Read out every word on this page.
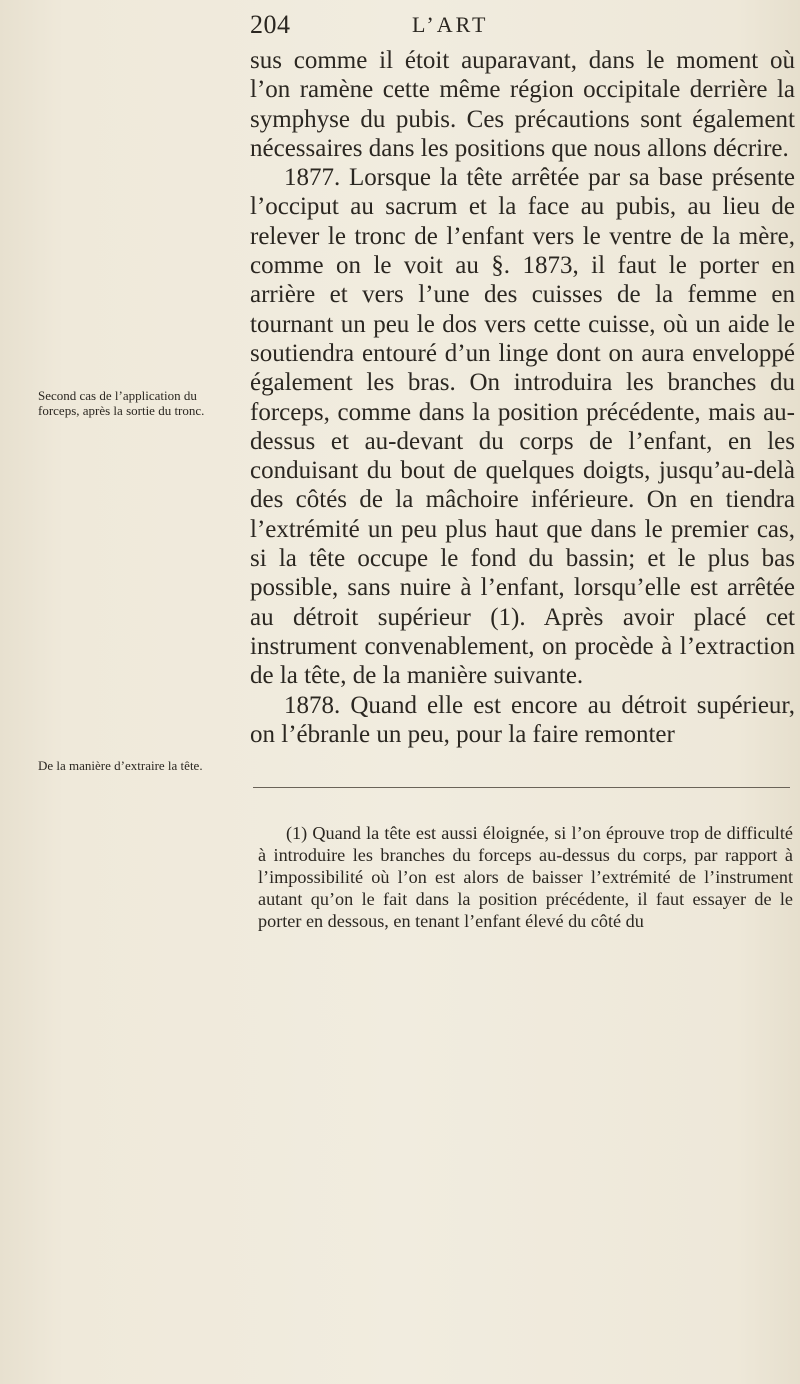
204	L’ART
Second cas de l’application du forceps, après la sortie du tronc.
De la manière d’extraire la tête.

sus comme il étoit auparavant, dans le moment où l’on ramène cette même région occipitale derrière la symphyse du pubis. Ces précautions sont également nécessaires dans les positions que nous allons décrire.

1877. Lorsque la tête arrêtée par sa base présente l’occiput au sacrum et la face au pubis, au lieu de relever le tronc de l’enfant vers le ventre de la mère, comme on le voit au §. 1873, il faut le porter en arrière et vers l’une des cuisses de la femme en tournant un peu le dos vers cette cuisse, où un aide le soutiendra entouré d’un linge dont on aura enveloppé également les bras. On introduira les branches du forceps, comme dans la position précédente, mais au-dessus et au-devant du corps de l’enfant, en les conduisant du bout de quelques doigts, jusqu’au-delà des côtés de la mâchoire inférieure. On en tiendra l’extrémité un peu plus haut que dans le premier cas, si la tête occupe le fond du bassin; et le plus bas possible, sans nuire à l’enfant, lorsqu’elle est arrêtée au détroit supérieur (1). Après avoir placé cet instrument convenablement, on procède à l’extraction de la tête, de la manière suivante.

1878. Quand elle est encore au détroit supérieur, on l’ébranle un peu, pour la faire remonter

(1) Quand la tête est aussi éloignée, si l’on éprouve trop de difficulté à introduire les branches du forceps au-dessus du corps, par rapport à l’impossibilité où l’on est alors de baisser l’extrémité de l’instrument autant qu’on le fait dans la position précédente, il faut essayer de le porter en dessous, en tenant l’enfant élevé du côté du
